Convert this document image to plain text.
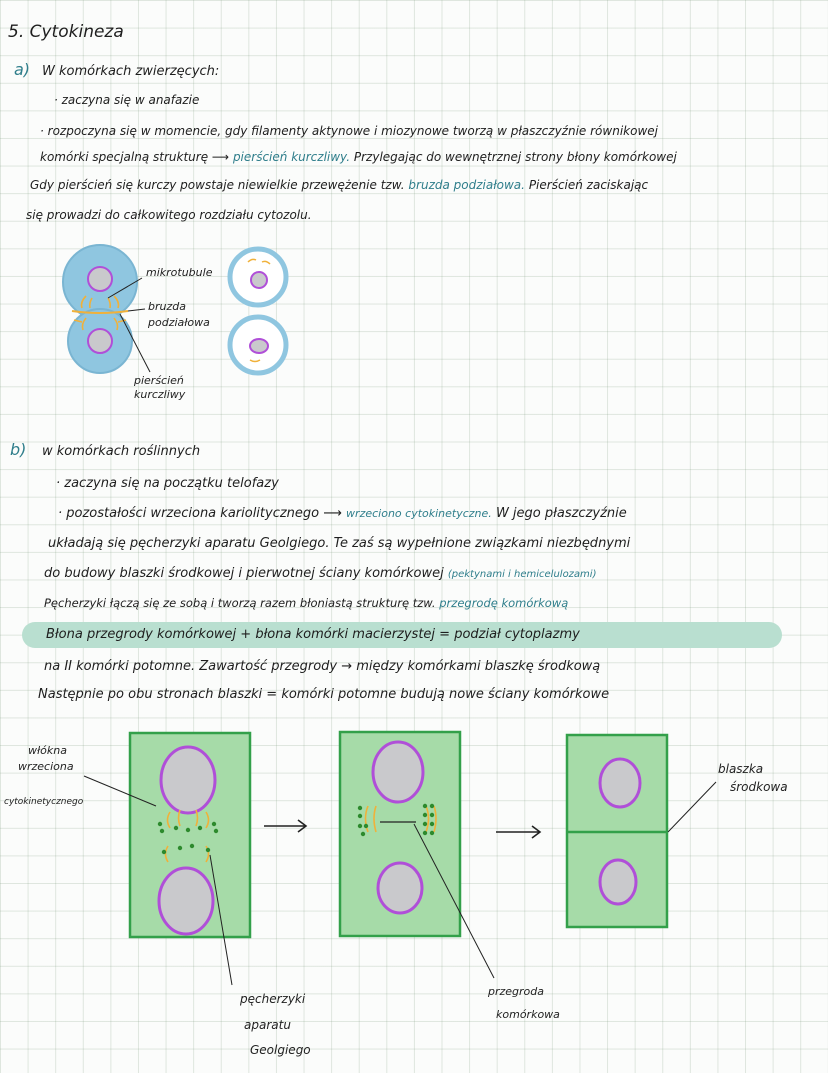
5. Cytokineza
a) W komórkach zwierzęcych:
· zaczyna się w anafazie
· rozpoczyna się w momencie, gdy filamenty aktynowe i miozynowe tworzą w płaszczyźnie równikowej
komórki specjalną strukturę ⟶ pierścień kurczliwy. Przylegając do wewnętrznej strony błony komórkowej
Gdy pierścień się kurczy powstaje niewielkie przewężenie tzw. bruzda podziałowa. Pierścień zaciskając
się prowadzi do całkowitego rozdziału cytozolu.
b) w komórkach roślinnych
· zaczyna się na początku telofazy
· pozostałości wrzeciona kariolitycznego ⟶ wrzeciono cytokinetyczne. W jego płaszczyźnie
układają się pęcherzyki aparatu Geolgiego. Te zaś są wypełnione związkami niezbędnymi
do budowy blaszki środkowej i pierwotnej ściany komórkowej (pektynami i hemicelulozami)
Pęcherzyki łączą się ze sobą i tworzą razem błoniastą strukturę tzw. przegrodę komórkową
Błona przegrody komórkowej + błona komórki macierzystej = podział cytoplazmy
na II komórki potomne. Zawartość przegrody → między komórkami blaszkę środkową
Następnie po obu stronach blaszki = komórki potomne budują nowe ściany komórkowe
mikrotubule
bruzda
podziałowa
pierścień
kurczliwy
włókna
wrzeciona
cytokinetycznego
pęcherzyki
aparatu
Geolgiego
przegroda
komórkowa
blaszka
środkowa
